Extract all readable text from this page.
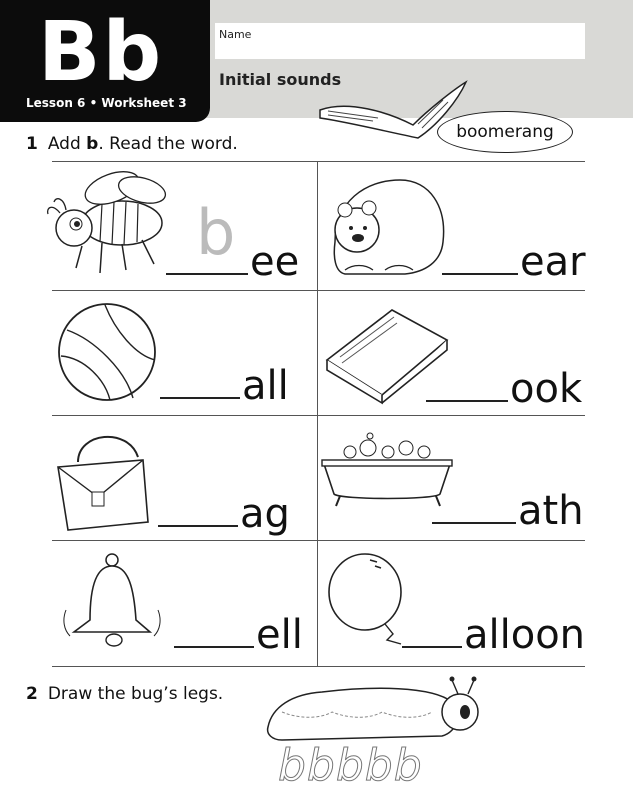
Name
Initial sounds
Bb
Lesson 6 • Worksheet 3
boomerang
1 Add b. Read the word.
b ee	ear
all	ook
ag	ath
ell	alloon
2 Draw the bug’s legs.
bbbbb
